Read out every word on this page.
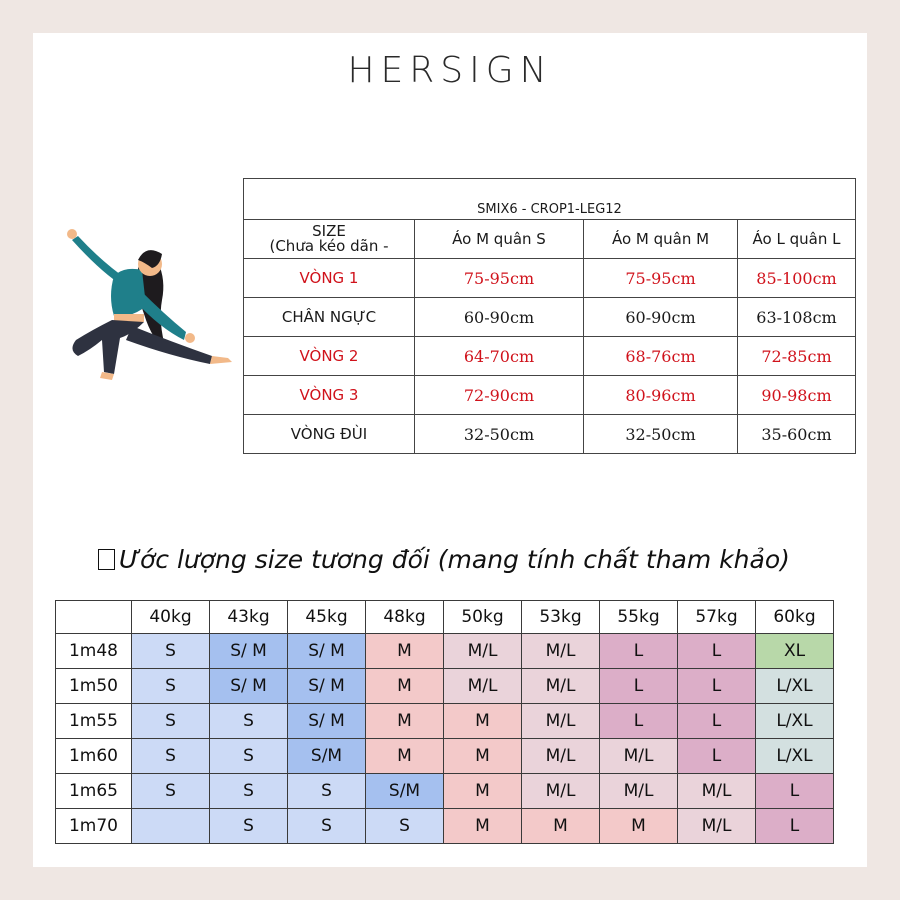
HERSIGN

SMIX6 - CROP1-LEG12			
SIZE
(Chưa kéo dãn -	Áo M quân S	Áo M quân M	Áo L quân L
VÒNG 1	75-95cm	75-95cm	85-100cm
CHÂN NGỰC	60-90cm	60-90cm	63-108cm
VÒNG 2	64-70cm	68-76cm	72-85cm
VÒNG 3	72-90cm	80-96cm	90-98cm
VÒNG ĐÙI	32-50cm	32-50cm	35-60cm
Ước lượng size tương đối (mang tính chất tham khảo)
	40kg	43kg	45kg	48kg	50kg	53kg	55kg	57kg	60kg
1m48	S	S/ M	S/ M	M	M/L	M/L	L	L	XL
1m50	S	S/ M	S/ M	M	M/L	M/L	L	L	L/XL
1m55	S	S	S/ M	M	M	M/L	L	L	L/XL
1m60	S	S	S/M	M	M	M/L	M/L	L	L/XL
1m65	S	S	S	S/M	M	M/L	M/L	M/L	L
1m70		S	S	S	M	M	M	M/L	L
